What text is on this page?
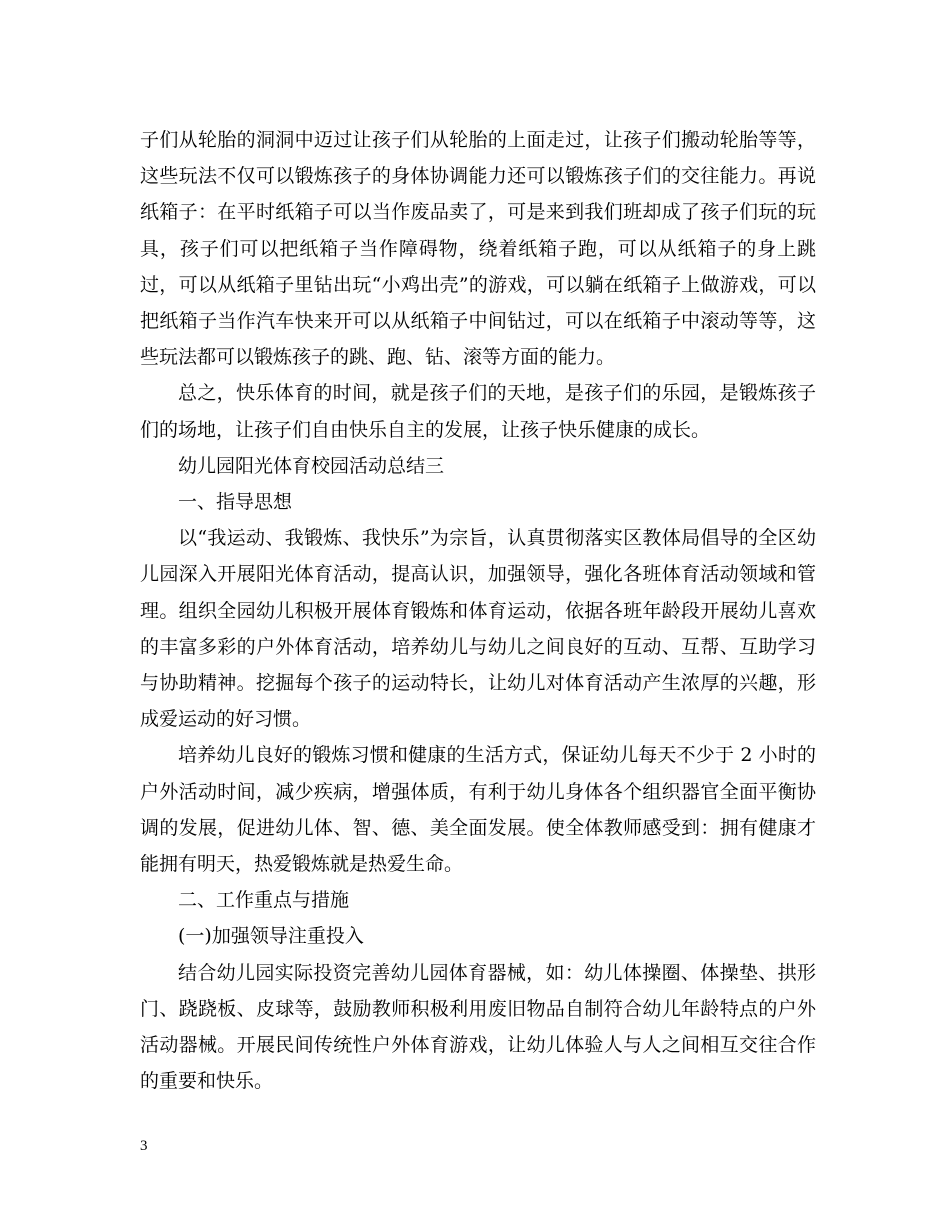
子们从轮胎的洞洞中迈过让孩子们从轮胎的上面走过，让孩子们搬动轮胎等等，这些玩法不仅可以锻炼孩子的身体协调能力还可以锻炼孩子们的交往能力。再说纸箱子：在平时纸箱子可以当作废品卖了，可是来到我们班却成了孩子们玩的玩具，孩子们可以把纸箱子当作障碍物，绕着纸箱子跑，可以从纸箱子的身上跳过，可以从纸箱子里钻出玩“小鸡出壳”的游戏，可以躺在纸箱子上做游戏，可以把纸箱子当作汽车快来开可以从纸箱子中间钻过，可以在纸箱子中滚动等等，这些玩法都可以锻炼孩子的跳、跑、钻、滚等方面的能力。

总之，快乐体育的时间，就是孩子们的天地，是孩子们的乐园，是锻炼孩子们的场地，让孩子们自由快乐自主的发展，让孩子快乐健康的成长。

幼儿园阳光体育校园活动总结三

一、指导思想

以“我运动、我锻炼、我快乐”为宗旨，认真贯彻落实区教体局倡导的全区幼儿园深入开展阳光体育活动，提高认识，加强领导，强化各班体育活动领域和管理。组织全园幼儿积极开展体育锻炼和体育运动，依据各班年龄段开展幼儿喜欢的丰富多彩的户外体育活动，培养幼儿与幼儿之间良好的互动、互帮、互助学习与协助精神。挖掘每个孩子的运动特长，让幼儿对体育活动产生浓厚的兴趣，形成爱运动的好习惯。

培养幼儿良好的锻炼习惯和健康的生活方式，保证幼儿每天不少于 2 小时的户外活动时间，减少疾病，增强体质，有利于幼儿身体各个组织器官全面平衡协调的发展，促进幼儿体、智、德、美全面发展。使全体教师感受到：拥有健康才能拥有明天，热爱锻炼就是热爱生命。

二、工作重点与措施

(一)加强领导注重投入

结合幼儿园实际投资完善幼儿园体育器械，如：幼儿体操圈、体操垫、拱形门、跷跷板、皮球等，鼓励教师积极利用废旧物品自制符合幼儿年龄特点的户外活动器械。开展民间传统性户外体育游戏，让幼儿体验人与人之间相互交往合作的重要和快乐。

3
